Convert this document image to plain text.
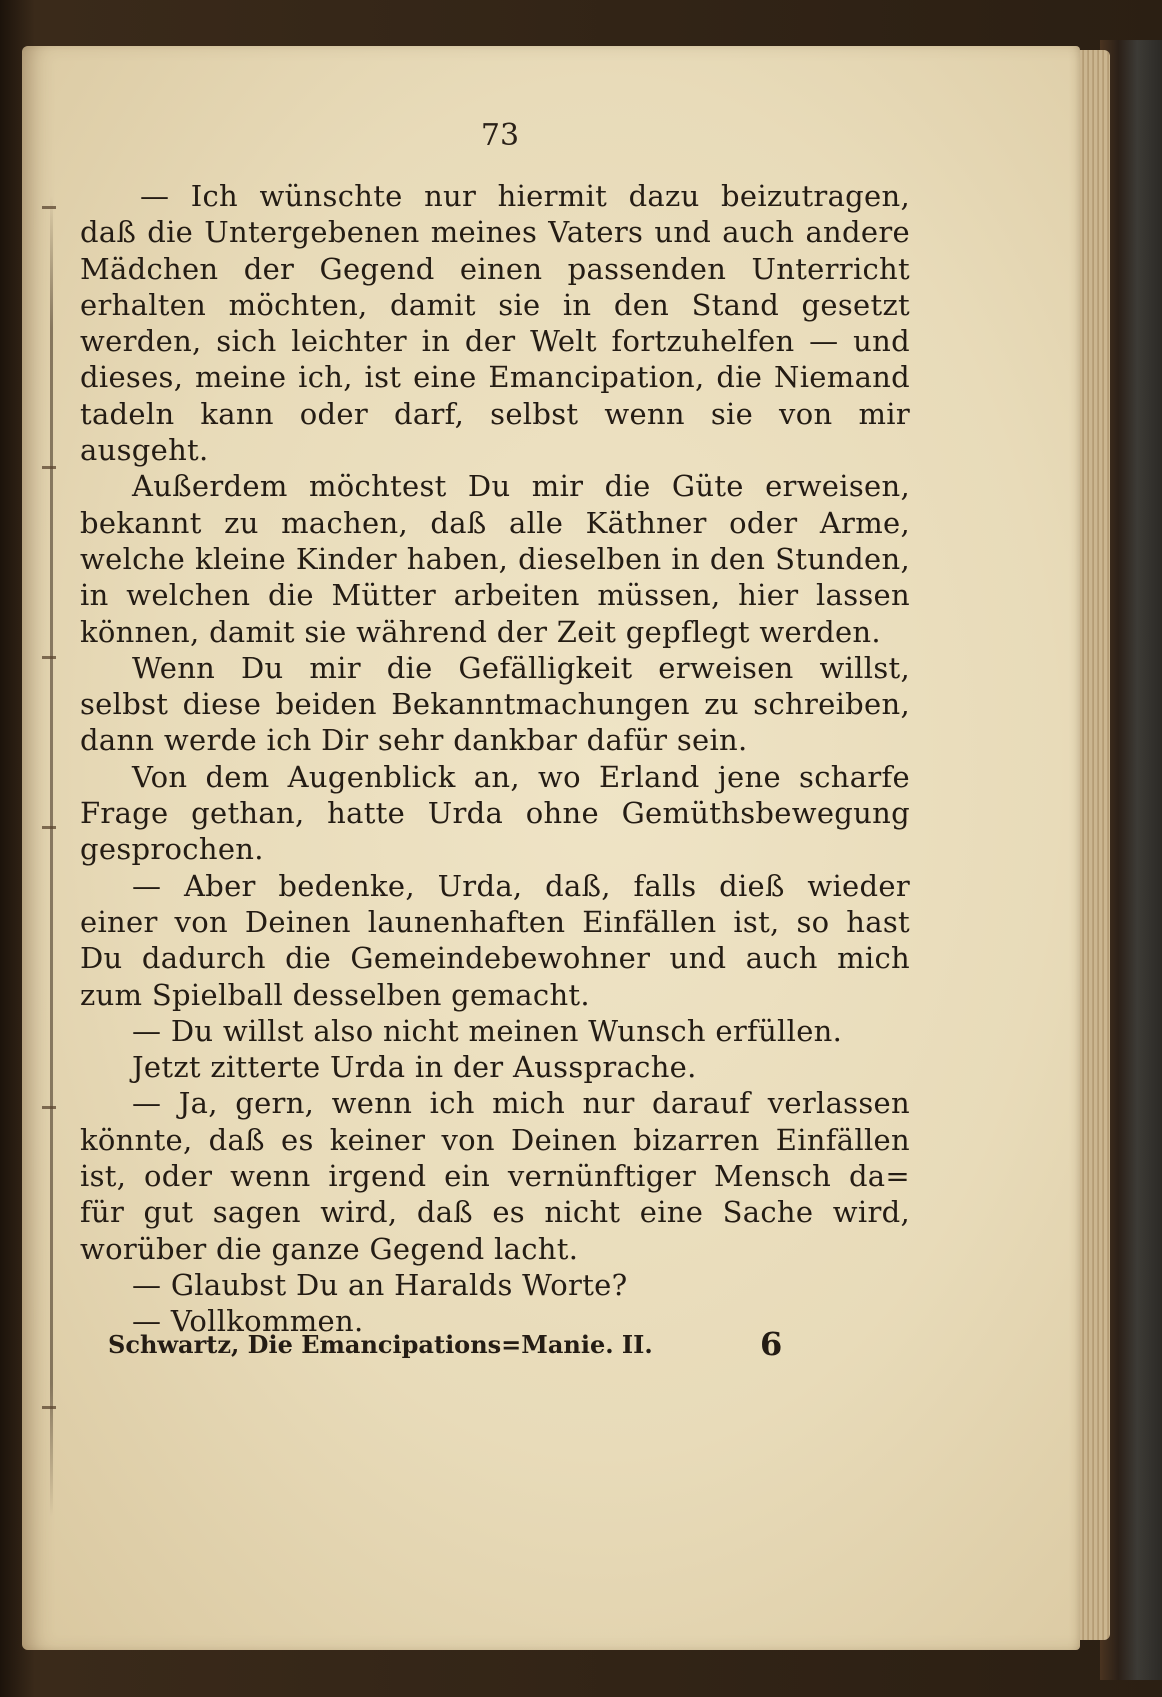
73
— Ich wünschte nur hiermit dazu beizutragen,
daß die Untergebenen meines Vaters und auch andere
Mädchen der Gegend einen passenden Unterricht
erhalten möchten, damit sie in den Stand gesetzt
werden, sich leichter in der Welt fortzuhelfen — und
dieses, meine ich, ist eine Emancipation, die Niemand
tadeln kann oder darf, selbst wenn sie von mir
ausgeht.
Außerdem möchtest Du mir die Güte erweisen,
bekannt zu machen, daß alle Käthner oder Arme,
welche kleine Kinder haben, dieselben in den Stunden,
in welchen die Mütter arbeiten müssen, hier lassen
können, damit sie während der Zeit gepflegt werden.
Wenn Du mir die Gefälligkeit erweisen willst,
selbst diese beiden Bekanntmachungen zu schreiben,
dann werde ich Dir sehr dankbar dafür sein.
Von dem Augenblick an, wo Erland jene scharfe
Frage gethan, hatte Urda ohne Gemüthsbewegung
gesprochen.
— Aber bedenke, Urda, daß, falls dieß wieder
einer von Deinen launenhaften Einfällen ist, so hast
Du dadurch die Gemeindebewohner und auch mich
zum Spielball desselben gemacht.
— Du willst also nicht meinen Wunsch erfüllen.
Jetzt zitterte Urda in der Aussprache.
— Ja, gern, wenn ich mich nur darauf verlassen
könnte, daß es keiner von Deinen bizarren Einfällen
ist, oder wenn irgend ein vernünftiger Mensch da=
für gut sagen wird, daß es nicht eine Sache wird,
worüber die ganze Gegend lacht.
— Glaubst Du an Haralds Worte?
— Vollkommen.
Schwartz, Die Emancipations=Manie. II.	6
